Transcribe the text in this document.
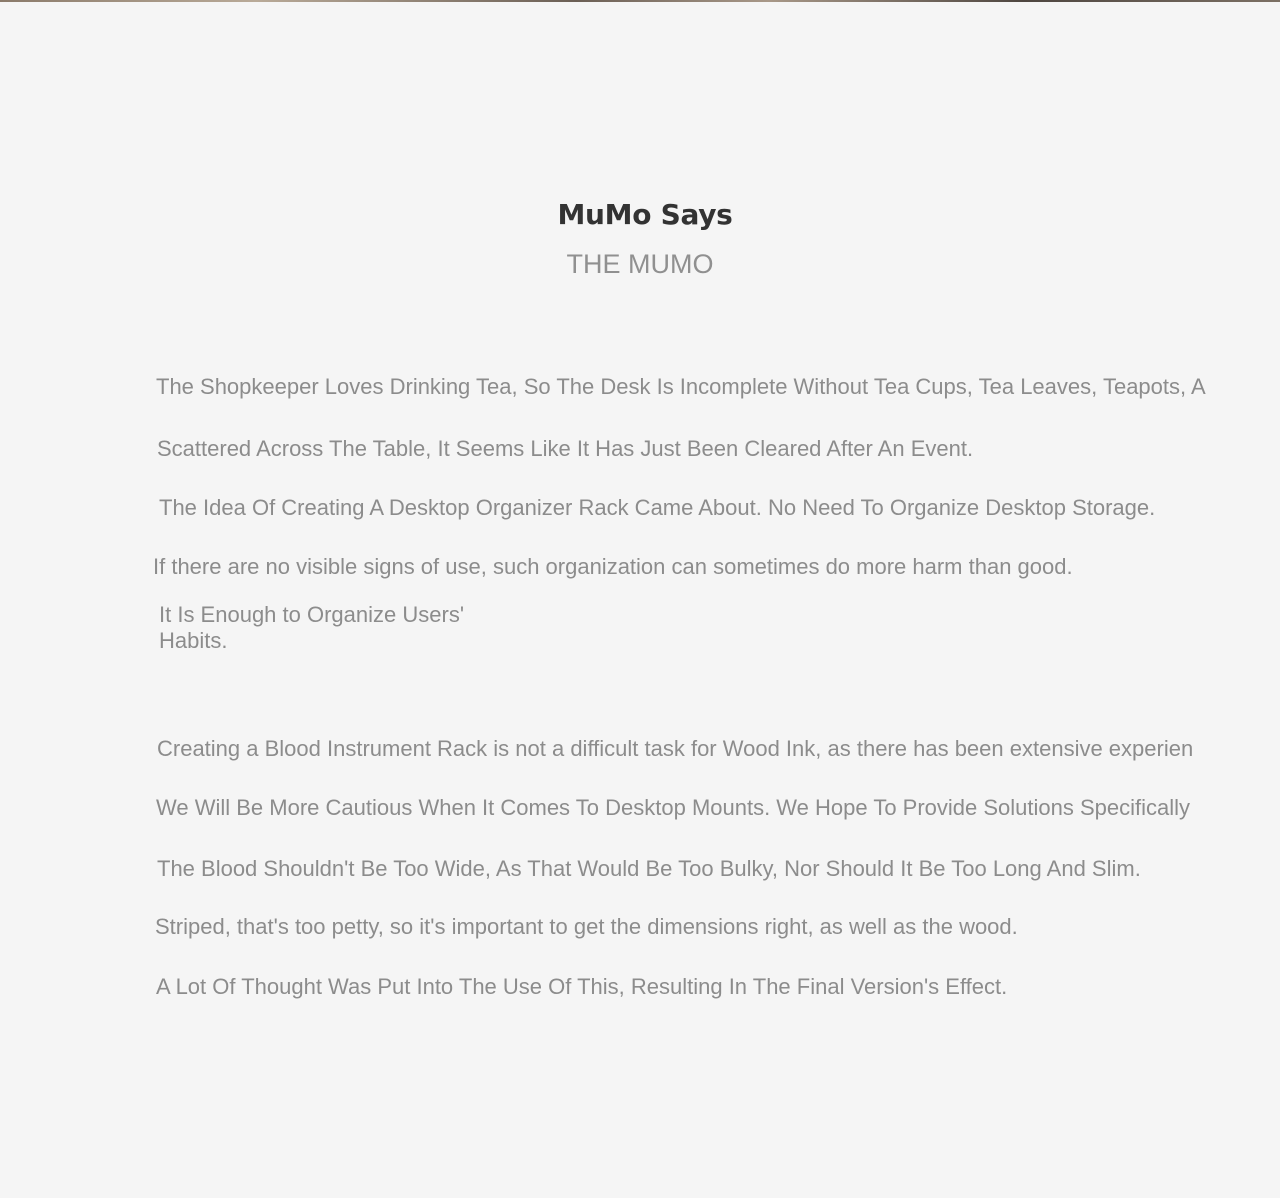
MuMo Says
THE MUMO

The Shopkeeper Loves Drinking Tea, So The Desk Is Incomplete Without Tea Cups, Tea Leaves, Teapots, A

Scattered Across The Table, It Seems Like It Has Just Been Cleared After An Event.

The Idea Of Creating A Desktop Organizer Rack Came About. No Need To Organize Desktop Storage.

If there are no visible signs of use, such organization can sometimes do more harm than good.

It Is Enough to Organize Users' Habits.

Creating a Blood Instrument Rack is not a difficult task for Wood Ink, as there has been extensive experien

We Will Be More Cautious When It Comes To Desktop Mounts. We Hope To Provide Solutions Specifically

The Blood Shouldn't Be Too Wide, As That Would Be Too Bulky, Nor Should It Be Too Long And Slim.

Striped, that's too petty, so it's important to get the dimensions right, as well as the wood.

A Lot Of Thought Was Put Into The Use Of This, Resulting In The Final Version's Effect.
